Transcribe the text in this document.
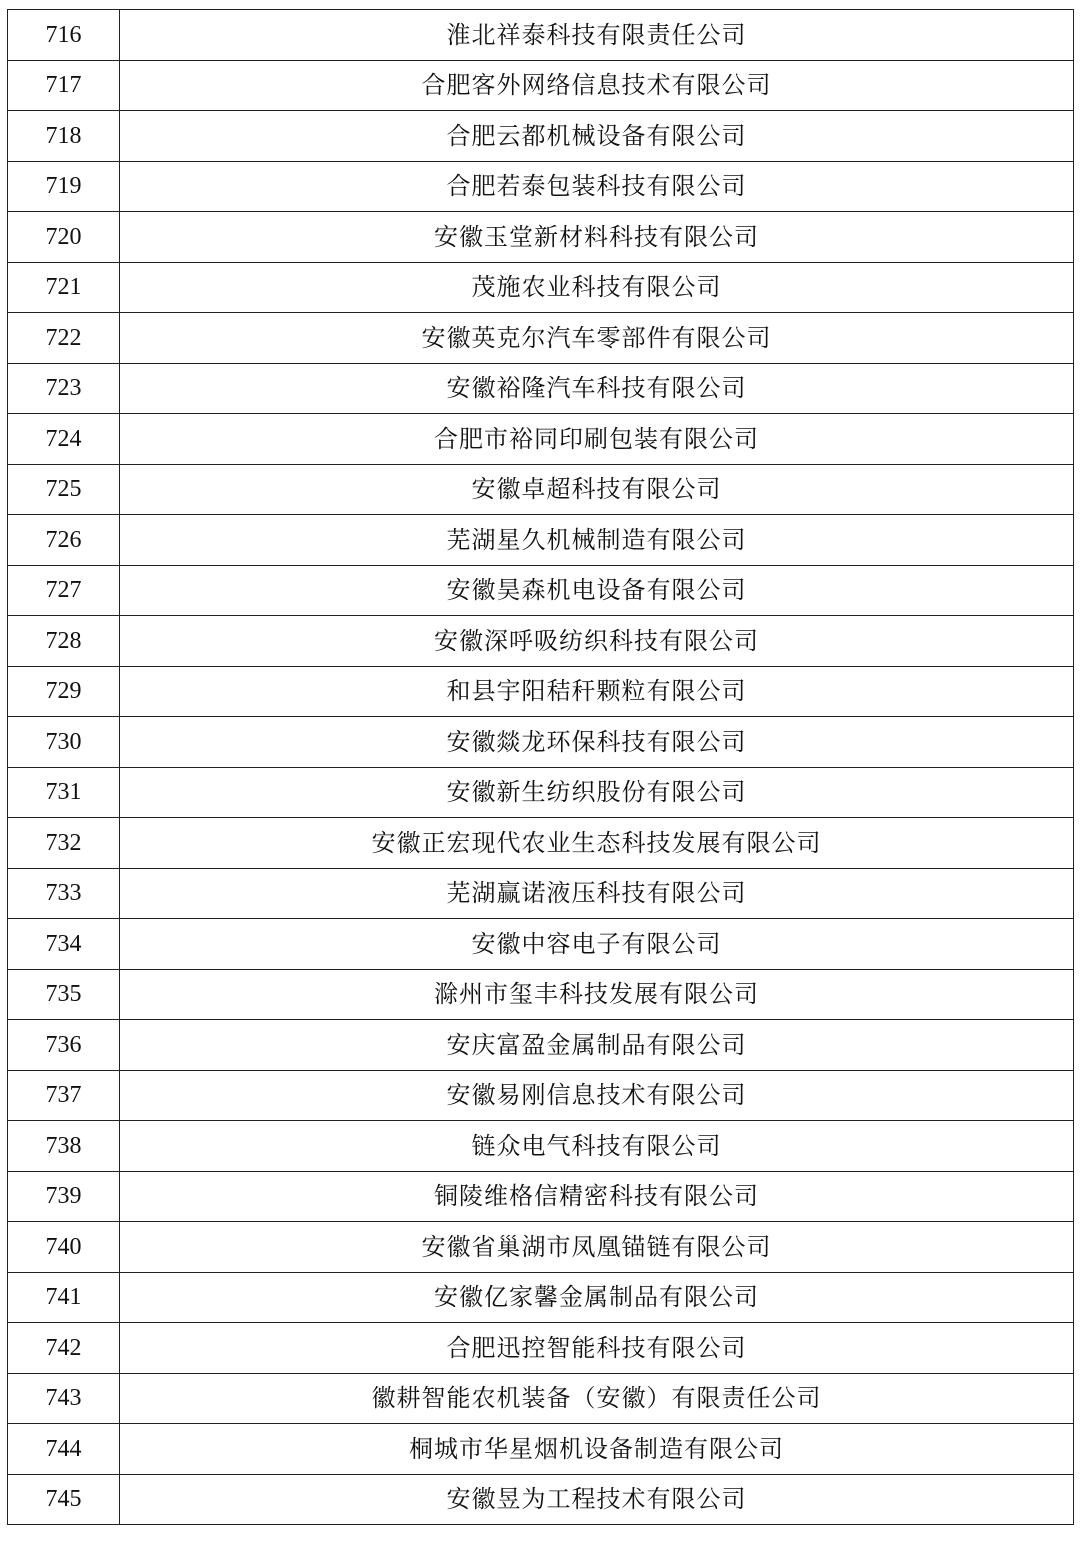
716	淮北祥泰科技有限责任公司
717	合肥客外网络信息技术有限公司
718	合肥云都机械设备有限公司
719	合肥若泰包装科技有限公司
720	安徽玉堂新材料科技有限公司
721	茂施农业科技有限公司
722	安徽英克尔汽车零部件有限公司
723	安徽裕隆汽车科技有限公司
724	合肥市裕同印刷包装有限公司
725	安徽卓超科技有限公司
726	芜湖星久机械制造有限公司
727	安徽昊森机电设备有限公司
728	安徽深呼吸纺织科技有限公司
729	和县宇阳秸秆颗粒有限公司
730	安徽燚龙环保科技有限公司
731	安徽新生纺织股份有限公司
732	安徽正宏现代农业生态科技发展有限公司
733	芜湖赢诺液压科技有限公司
734	安徽中容电子有限公司
735	滁州市玺丰科技发展有限公司
736	安庆富盈金属制品有限公司
737	安徽易刚信息技术有限公司
738	链众电气科技有限公司
739	铜陵维格信精密科技有限公司
740	安徽省巢湖市凤凰锚链有限公司
741	安徽亿家馨金属制品有限公司
742	合肥迅控智能科技有限公司
743	徽耕智能农机装备（安徽）有限责任公司
744	桐城市华星烟机设备制造有限公司
745	安徽昱为工程技术有限公司
